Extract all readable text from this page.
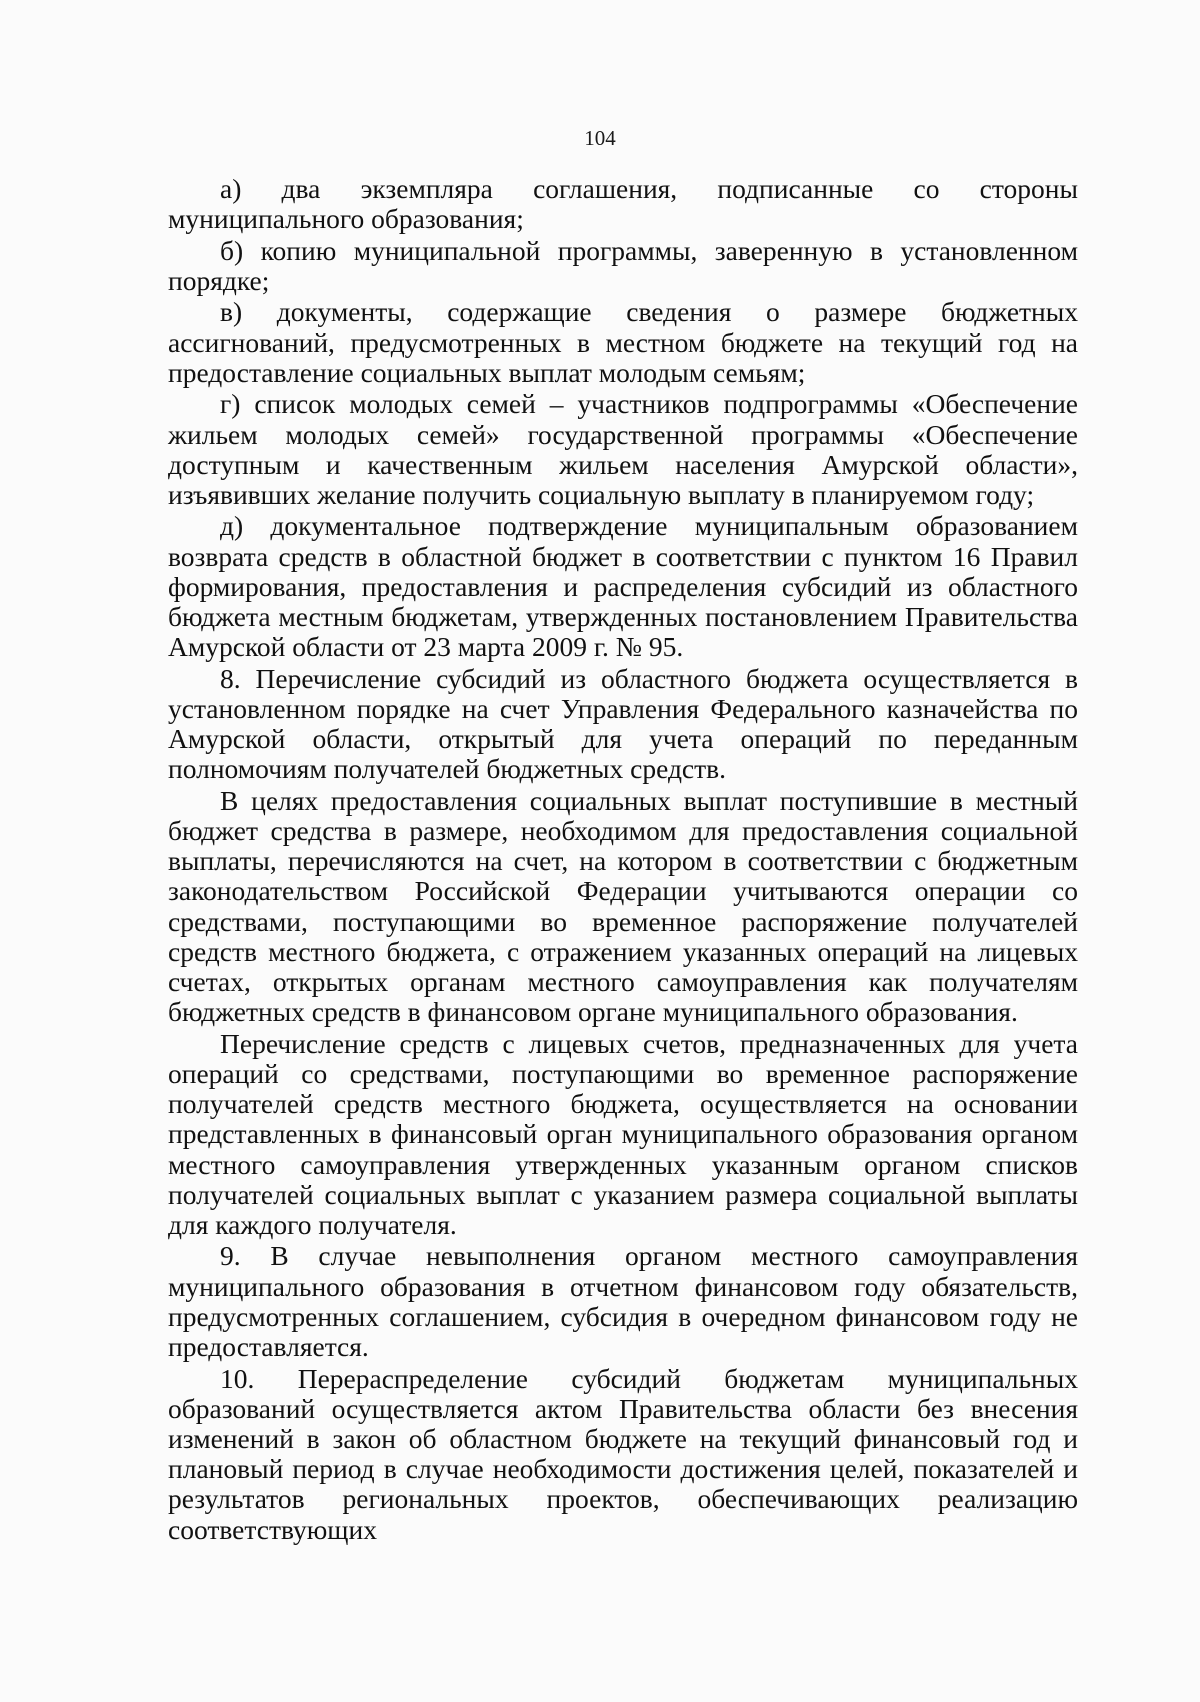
104

а) два экземпляра соглашения, подписанные со стороны муниципального образования;

б) копию муниципальной программы, заверенную в установленном порядке;

в) документы, содержащие сведения о размере бюджетных ассигнований, предусмотренных в местном бюджете на текущий год на предоставление социальных выплат молодым семьям;

г) список молодых семей – участников подпрограммы «Обеспечение жильем молодых семей» государственной программы «Обеспечение доступным и качественным жильем населения Амурской области», изъявивших желание получить социальную выплату в планируемом году;

д) документальное подтверждение муниципальным образованием возврата средств в областной бюджет в соответствии с пунктом 16 Правил формирования, предоставления и распределения субсидий из областного бюджета местным бюджетам, утвержденных постановлением Правительства Амурской области от 23 марта 2009 г. № 95.

8. Перечисление субсидий из областного бюджета осуществляется в установленном порядке на счет Управления Федерального казначейства по Амурской области, открытый для учета операций по переданным полномочиям получателей бюджетных средств.

В целях предоставления социальных выплат поступившие в местный бюджет средства в размере, необходимом для предоставления социальной выплаты, перечисляются на счет, на котором в соответствии с бюджетным законодательством Российской Федерации учитываются операции со средствами, поступающими во временное распоряжение получателей средств местного бюджета, с отражением указанных операций на лицевых счетах, открытых органам местного самоуправления как получателям бюджетных средств в финансовом органе муниципального образования.

Перечисление средств с лицевых счетов, предназначенных для учета операций со средствами, поступающими во временное распоряжение получателей средств местного бюджета, осуществляется на основании представленных в финансовый орган муниципального образования органом местного самоуправления утвержденных указанным органом списков получателей социальных выплат с указанием размера социальной выплаты для каждого получателя.

9. В случае невыполнения органом местного самоуправления муниципального образования в отчетном финансовом году обязательств, предусмотренных соглашением, субсидия в очередном финансовом году не предоставляется.

10. Перераспределение субсидий бюджетам муниципальных образований осуществляется актом Правительства области без внесения изменений в закон об областном бюджете на текущий финансовый год и плановый период в случае необходимости достижения целей, показателей и результатов региональных проектов, обеспечивающих реализацию соответствующих
